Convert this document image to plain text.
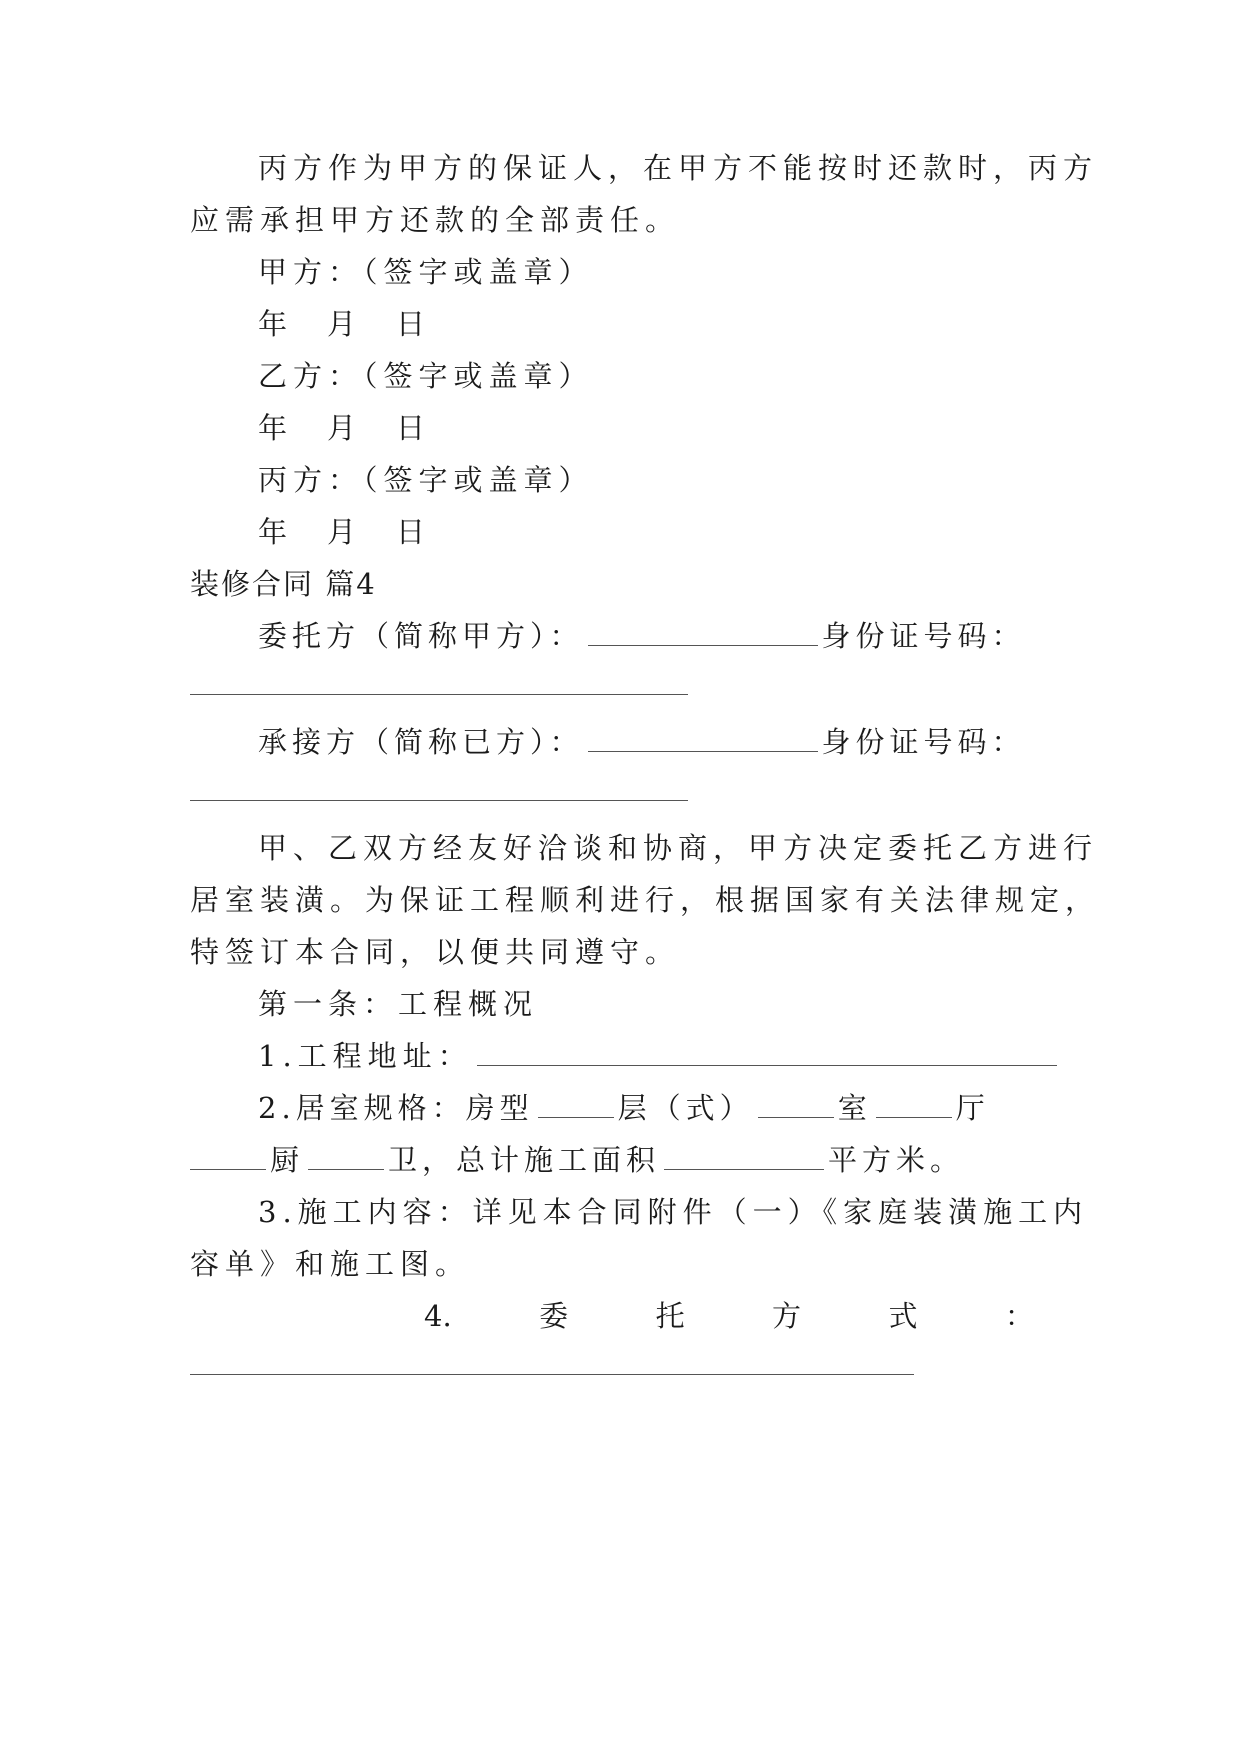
丙方作为甲方的保证人，在甲方不能按时还款时，丙方
应需承担甲方还款的全部责任。
甲方：（签字或盖章）
年 月 日
乙方：（签字或盖章）
年 月 日
丙方：（签字或盖章）
年 月 日
装修合同 篇4
委托方（简称甲方）：	身份证号码：
承接方（简称已方）：	身份证号码：
甲、乙双方经友好洽谈和协商，甲方决定委托乙方进行
居室装潢。为保证工程顺利进行，根据国家有关法律规定，
特签订本合同，以便共同遵守。
第一条：工程概况
1.工程地址：
2.居室规格：房型	层（式）	室	厅
厨	卫，总计施工面积	平方米。
3.施工内容：详见本合同附件（一）《家庭装潢施工内
容单》和施工图。
4.	委	托	方	式	：
